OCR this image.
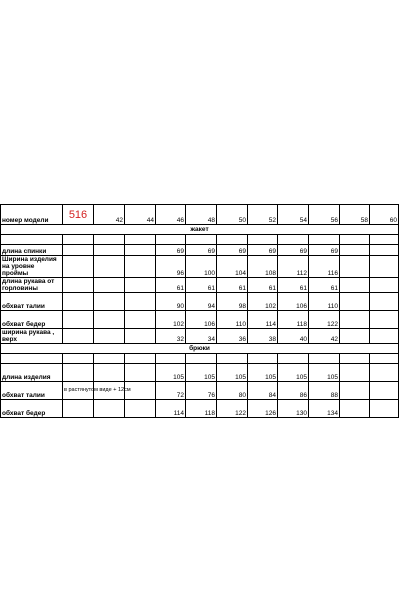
номер модели	516	42	44	46	48	50	52	54	56	58	60
жакет											

длина спинки				69	69	69	69	69	69		
Ширина изделия на уровне проймы				96	100	104	108	112	116		
длина рукава от горловины				61	61	61	61	61	61		
обхват талии				90	94	98	102	106	110		
обхват бедер				102	106	110	114	118	122		
ширина рукава , верх				32	34	36	38	40	42		
брюки											

длина изделия				105	105	105	105	105	105		
обхват талии	в растянутом виде + 12см			72	76	80	84	86	88		
обхват бедер				114	118	122	126	130	134		
